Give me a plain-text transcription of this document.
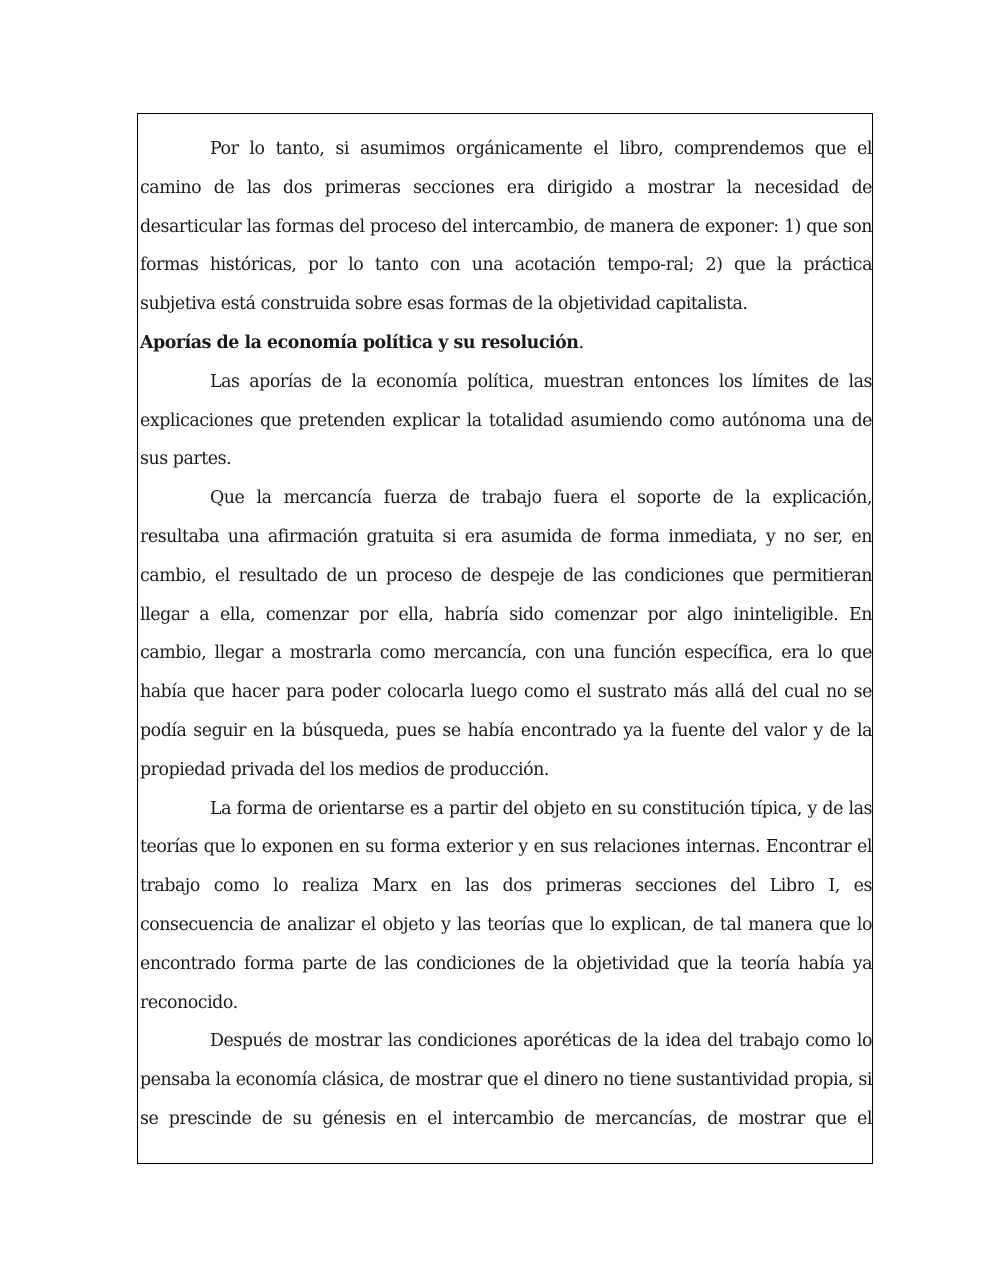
Por lo tanto, si asumimos orgánicamente el libro, comprendemos que el camino de las dos primeras secciones era dirigido a mostrar la necesidad de desarticular las formas del proceso del intercambio, de manera de exponer: 1) que son formas históricas, por lo tanto con una acotación tempo-ral; 2) que la práctica subjetiva está construida sobre esas formas de la objetividad capitalista.

Aporías de la economía política y su resolución.

Las aporías de la economía política, muestran entonces los límites de las explicaciones que pretenden explicar la totalidad asumiendo como autónoma una de sus partes.

Que la mercancía fuerza de trabajo fuera el soporte de la explicación, resultaba una afirmación gratuita si era asumida de forma inmediata, y no ser, en cambio, el resultado de un proceso de despeje de las condiciones que permitieran llegar a ella, comenzar por ella, habría sido comenzar por algo ininteligible. En cambio, llegar a mostrarla como mercancía, con una función específica, era lo que había que hacer para poder colocarla luego como el sustrato más allá del cual no se podía seguir en la búsqueda, pues se había encontrado ya la fuente del valor y de la propiedad privada del los medios de producción.

La forma de orientarse es a partir del objeto en su constitución típica, y de las teorías que lo exponen en su forma exterior y en sus relaciones internas. Encontrar el trabajo como lo realiza Marx en las dos primeras secciones del Libro I, es consecuencia de analizar el objeto y las teorías que lo explican, de tal manera que lo encontrado forma parte de las condiciones de la objetividad que la teoría había ya reconocido.

Después de mostrar las condiciones aporéticas de la idea del trabajo como lo pensaba la economía clásica, de mostrar que el dinero no tiene sustantividad propia, si se prescinde de su génesis en el intercambio de mercancías, de mostrar que el
